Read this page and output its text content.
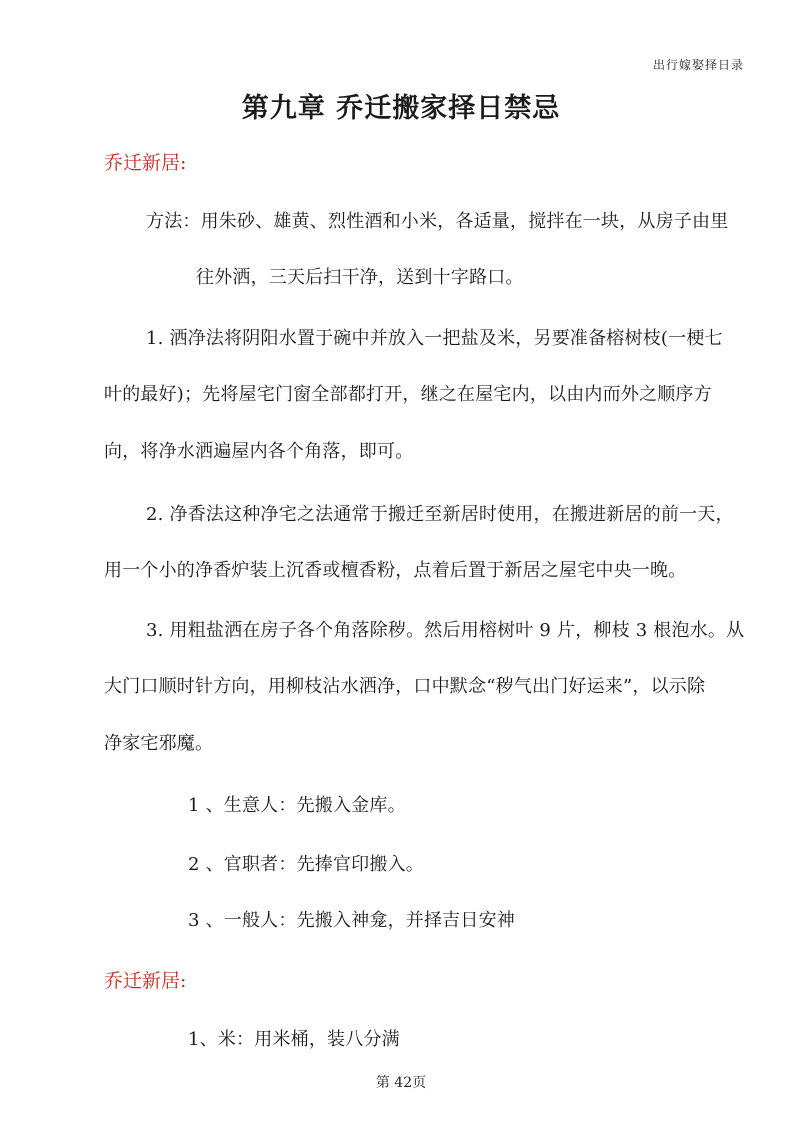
出行嫁娶择日录
第九章 乔迁搬家择日禁忌
乔迁新居:
方法：用朱砂、雄黄、烈性酒和小米，各适量，搅拌在一块，从房子由里
往外洒，三天后扫干净，送到十字路口。
1. 洒净法将阴阳水置于碗中并放入一把盐及米，另要准备榕树枝(一梗七
叶的最好)；先将屋宅门窗全部都打开，继之在屋宅内，以由内而外之顺序方
向，将净水洒遍屋内各个角落，即可。
2. 净香法这种净宅之法通常于搬迁至新居时使用，在搬进新居的前一天，
用一个小的净香炉装上沉香或檀香粉，点着后置于新居之屋宅中央一晚。
3. 用粗盐洒在房子各个角落除秽。然后用榕树叶 9 片，柳枝 3 根泡水。从
大门口顺时针方向，用柳枝沾水洒净，口中默念“秽气出门好运来”，以示除
净家宅邪魔。
1 、生意人：先搬入金库。
2 、官职者：先捧官印搬入。
3 、一般人：先搬入神龛，并择吉日安神
乔迁新居:
1、米：用米桶，装八分满
第 42页
